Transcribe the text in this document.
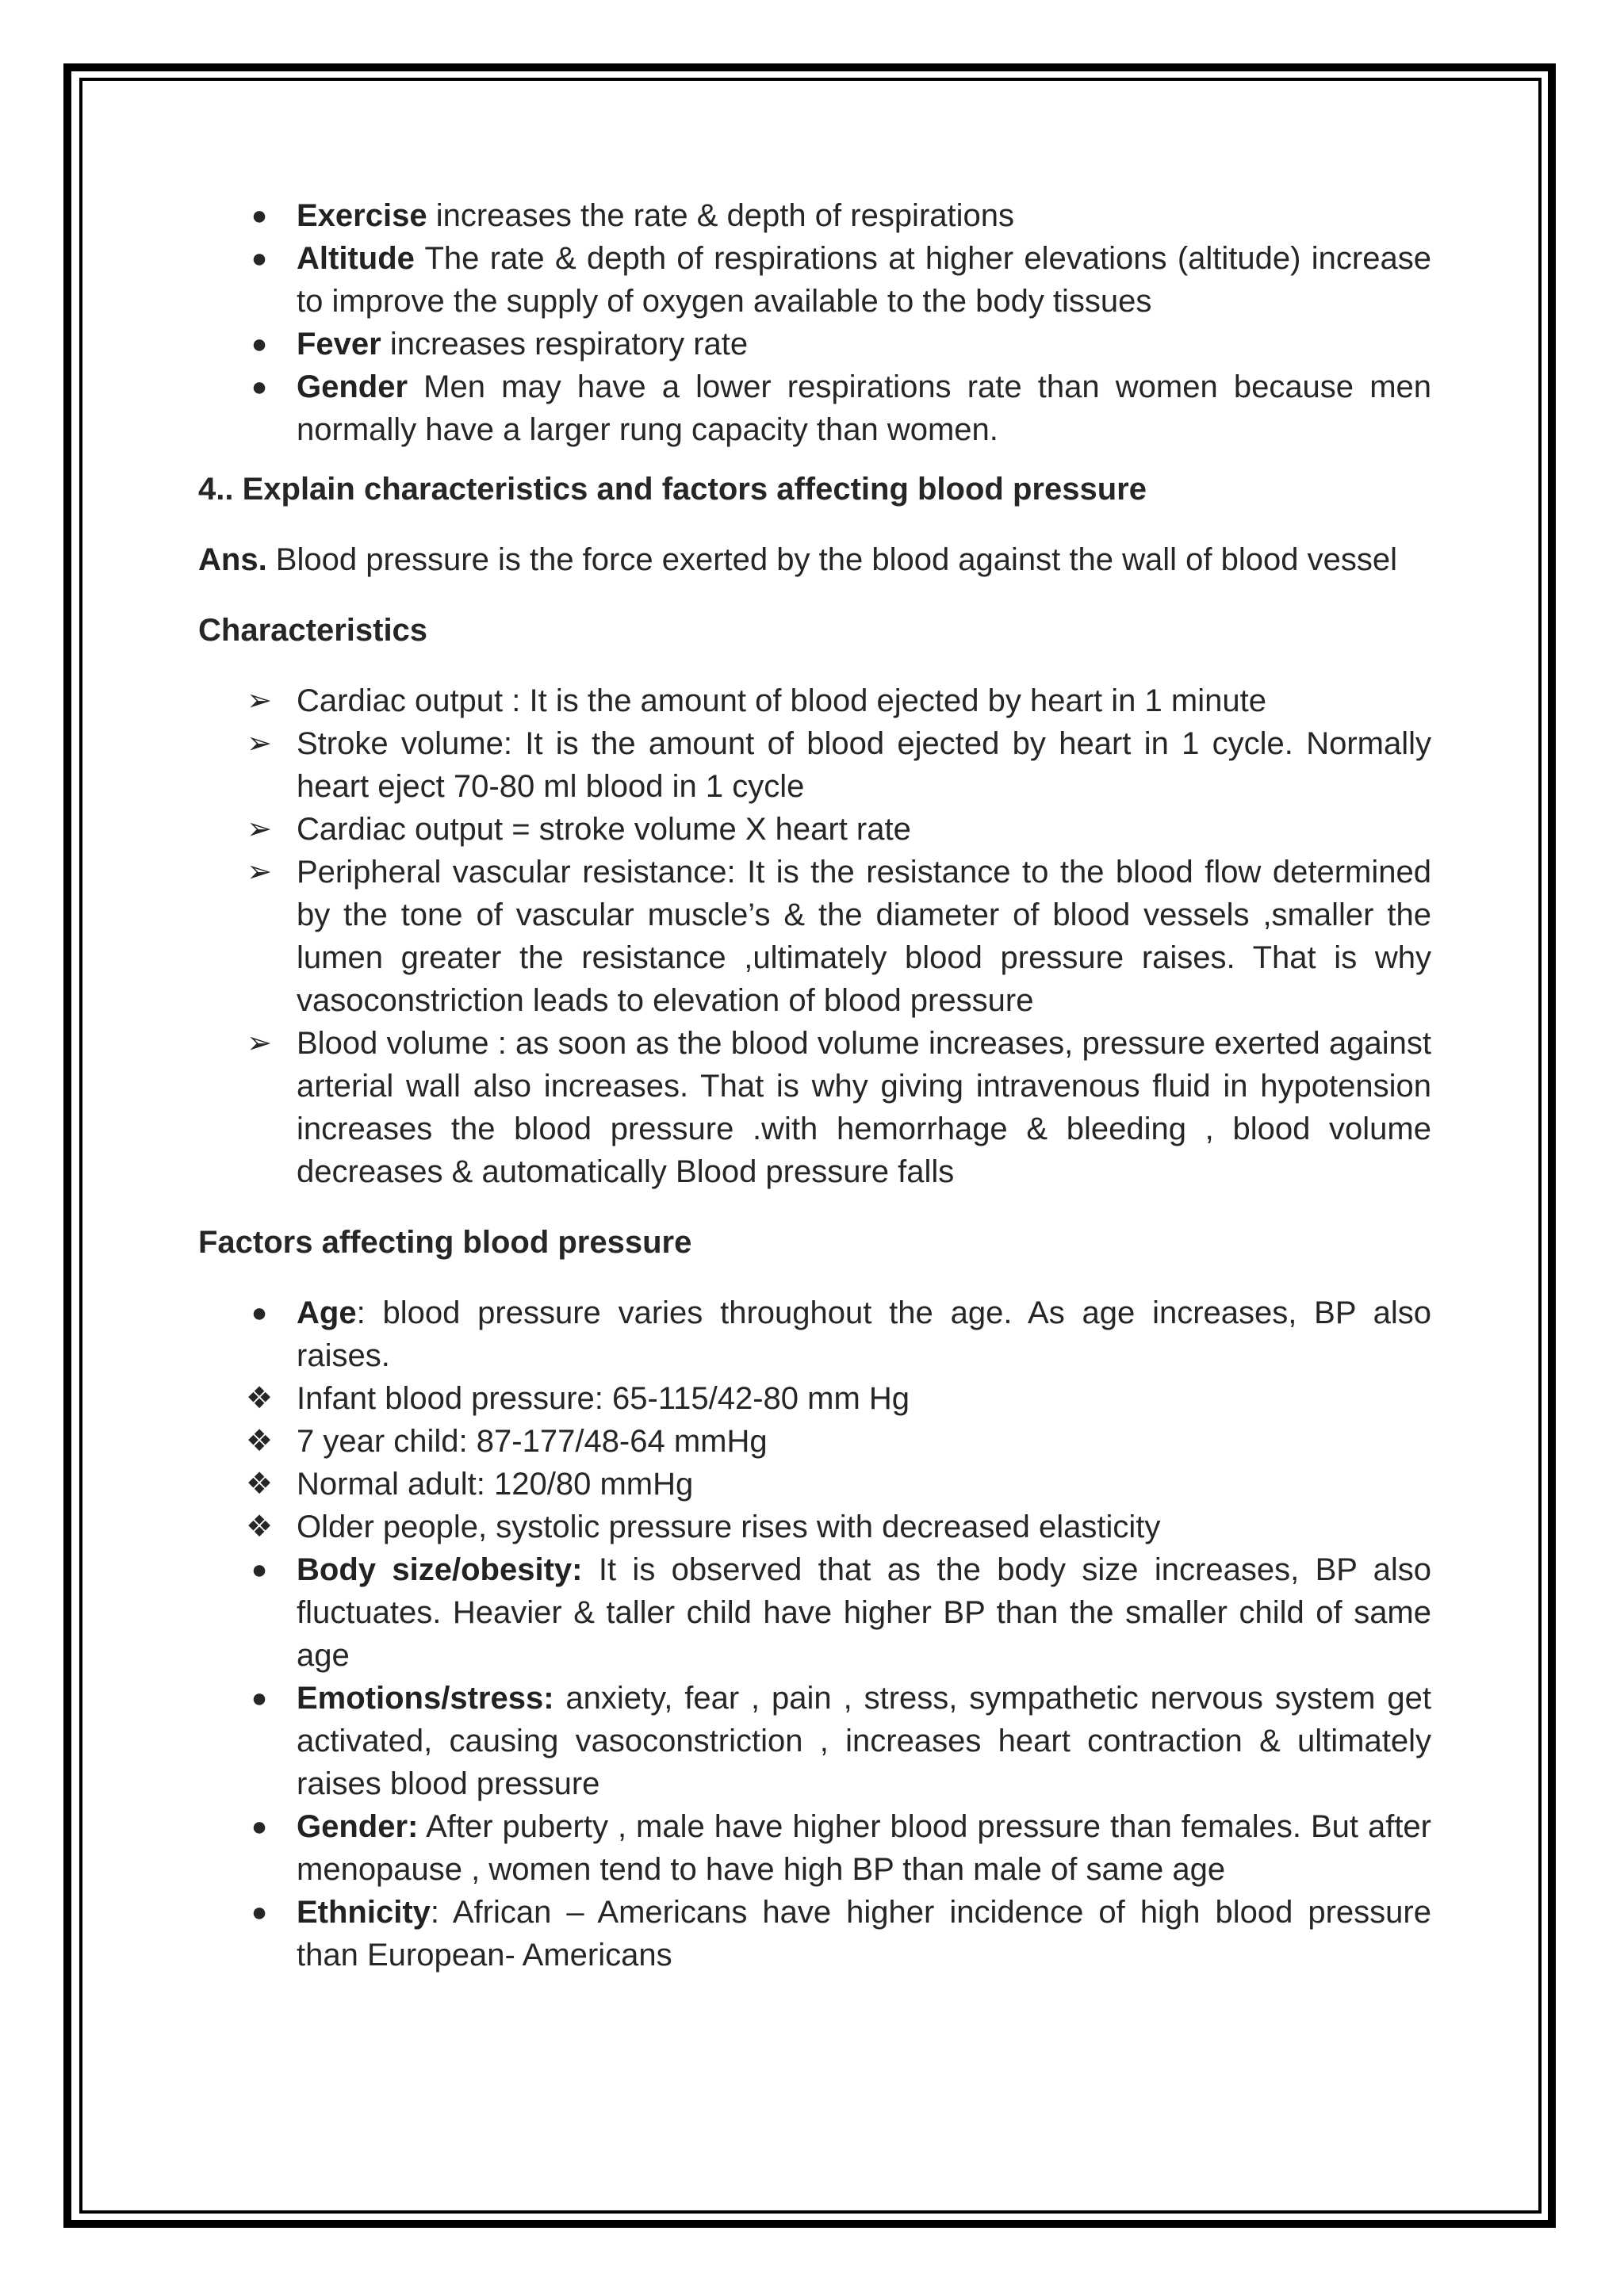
● Exercise increases the rate & depth of respirations
● Altitude The rate & depth of respirations at higher elevations (altitude) increase to improve the supply of oxygen available to the body tissues
● Fever increases respiratory rate
● Gender Men may have a lower respirations rate than women because men normally have a larger rung capacity than women.

4.. Explain characteristics and factors affecting blood pressure

Ans. Blood pressure is the force exerted by the blood against the wall of blood vessel

Characteristics

➢ Cardiac output : It is the amount of blood ejected by heart in 1 minute
➢ Stroke volume: It is the amount of blood ejected by heart in 1 cycle. Normally heart eject 70-80 ml blood in 1 cycle
➢ Cardiac output = stroke volume X heart rate
➢ Peripheral vascular resistance: It is the resistance to the blood flow determined by the tone of vascular muscle’s & the diameter of blood vessels ,smaller the lumen greater the resistance ,ultimately blood pressure raises. That is why vasoconstriction leads to elevation of blood pressure
➢ Blood volume : as soon as the blood volume increases, pressure exerted against arterial wall also increases. That is why giving intravenous fluid in hypotension increases the blood pressure .with hemorrhage & bleeding , blood volume decreases & automatically Blood pressure falls

Factors affecting blood pressure

● Age: blood pressure varies throughout the age. As age increases, BP also raises.
❖ Infant blood pressure: 65-115/42-80 mm Hg
❖ 7 year child: 87-177/48-64 mmHg
❖ Normal adult: 120/80 mmHg
❖ Older people, systolic pressure rises with decreased elasticity
● Body size/obesity: It is observed that as the body size increases, BP also fluctuates. Heavier & taller child have higher BP than the smaller child of same age
● Emotions/stress: anxiety, fear , pain , stress, sympathetic nervous system get activated, causing vasoconstriction , increases heart contraction & ultimately raises blood pressure
● Gender: After puberty , male have higher blood pressure than females. But after menopause , women tend to have high BP than male of same age
● Ethnicity: African – Americans have higher incidence of high blood pressure than European- Americans
